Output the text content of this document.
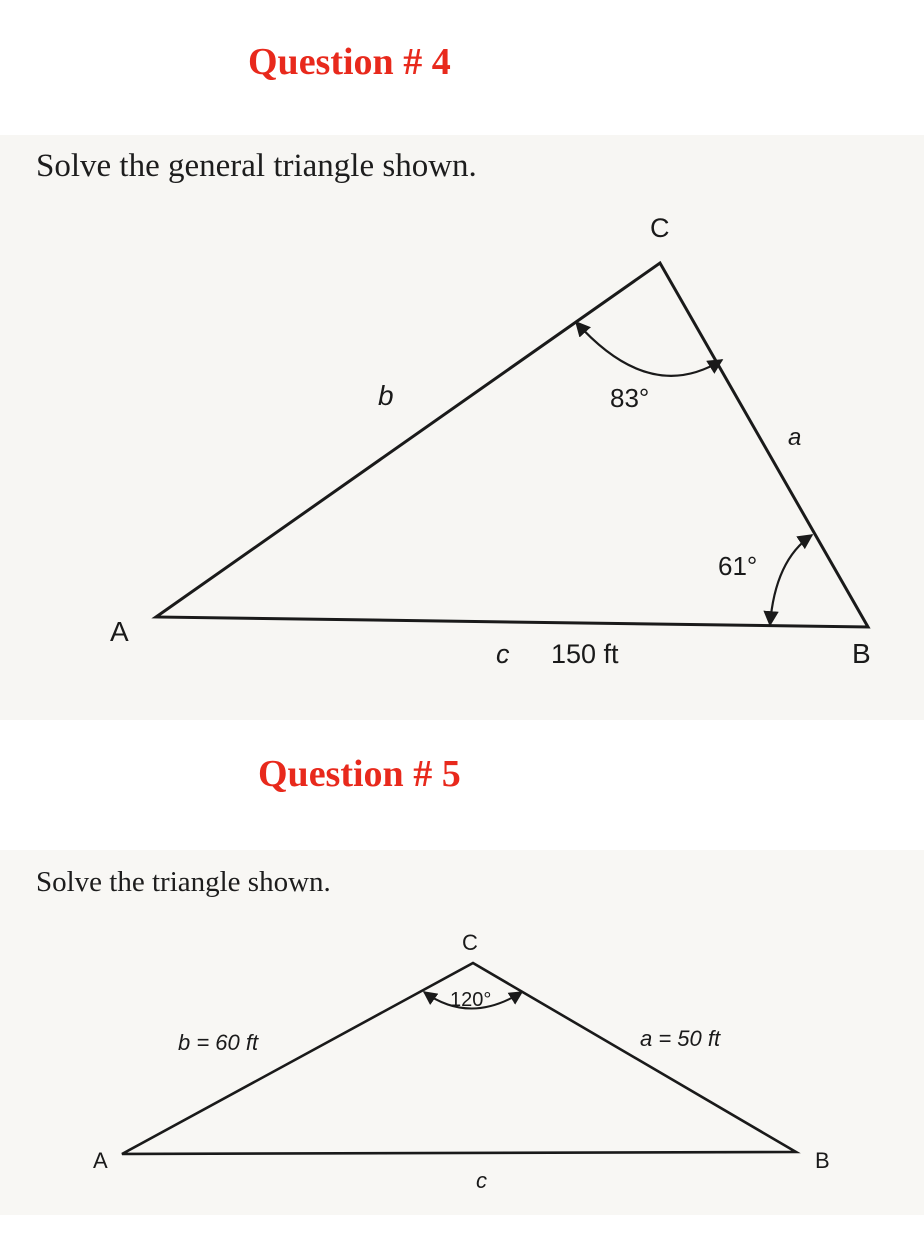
Question # 4

Solve the general triangle shown.

A
B
C
b
a
c 150 ft
83°
61°
Question # 5

Solve the triangle shown.

A	B
C
120°
b = 60 ft	a = 50 ft
c
